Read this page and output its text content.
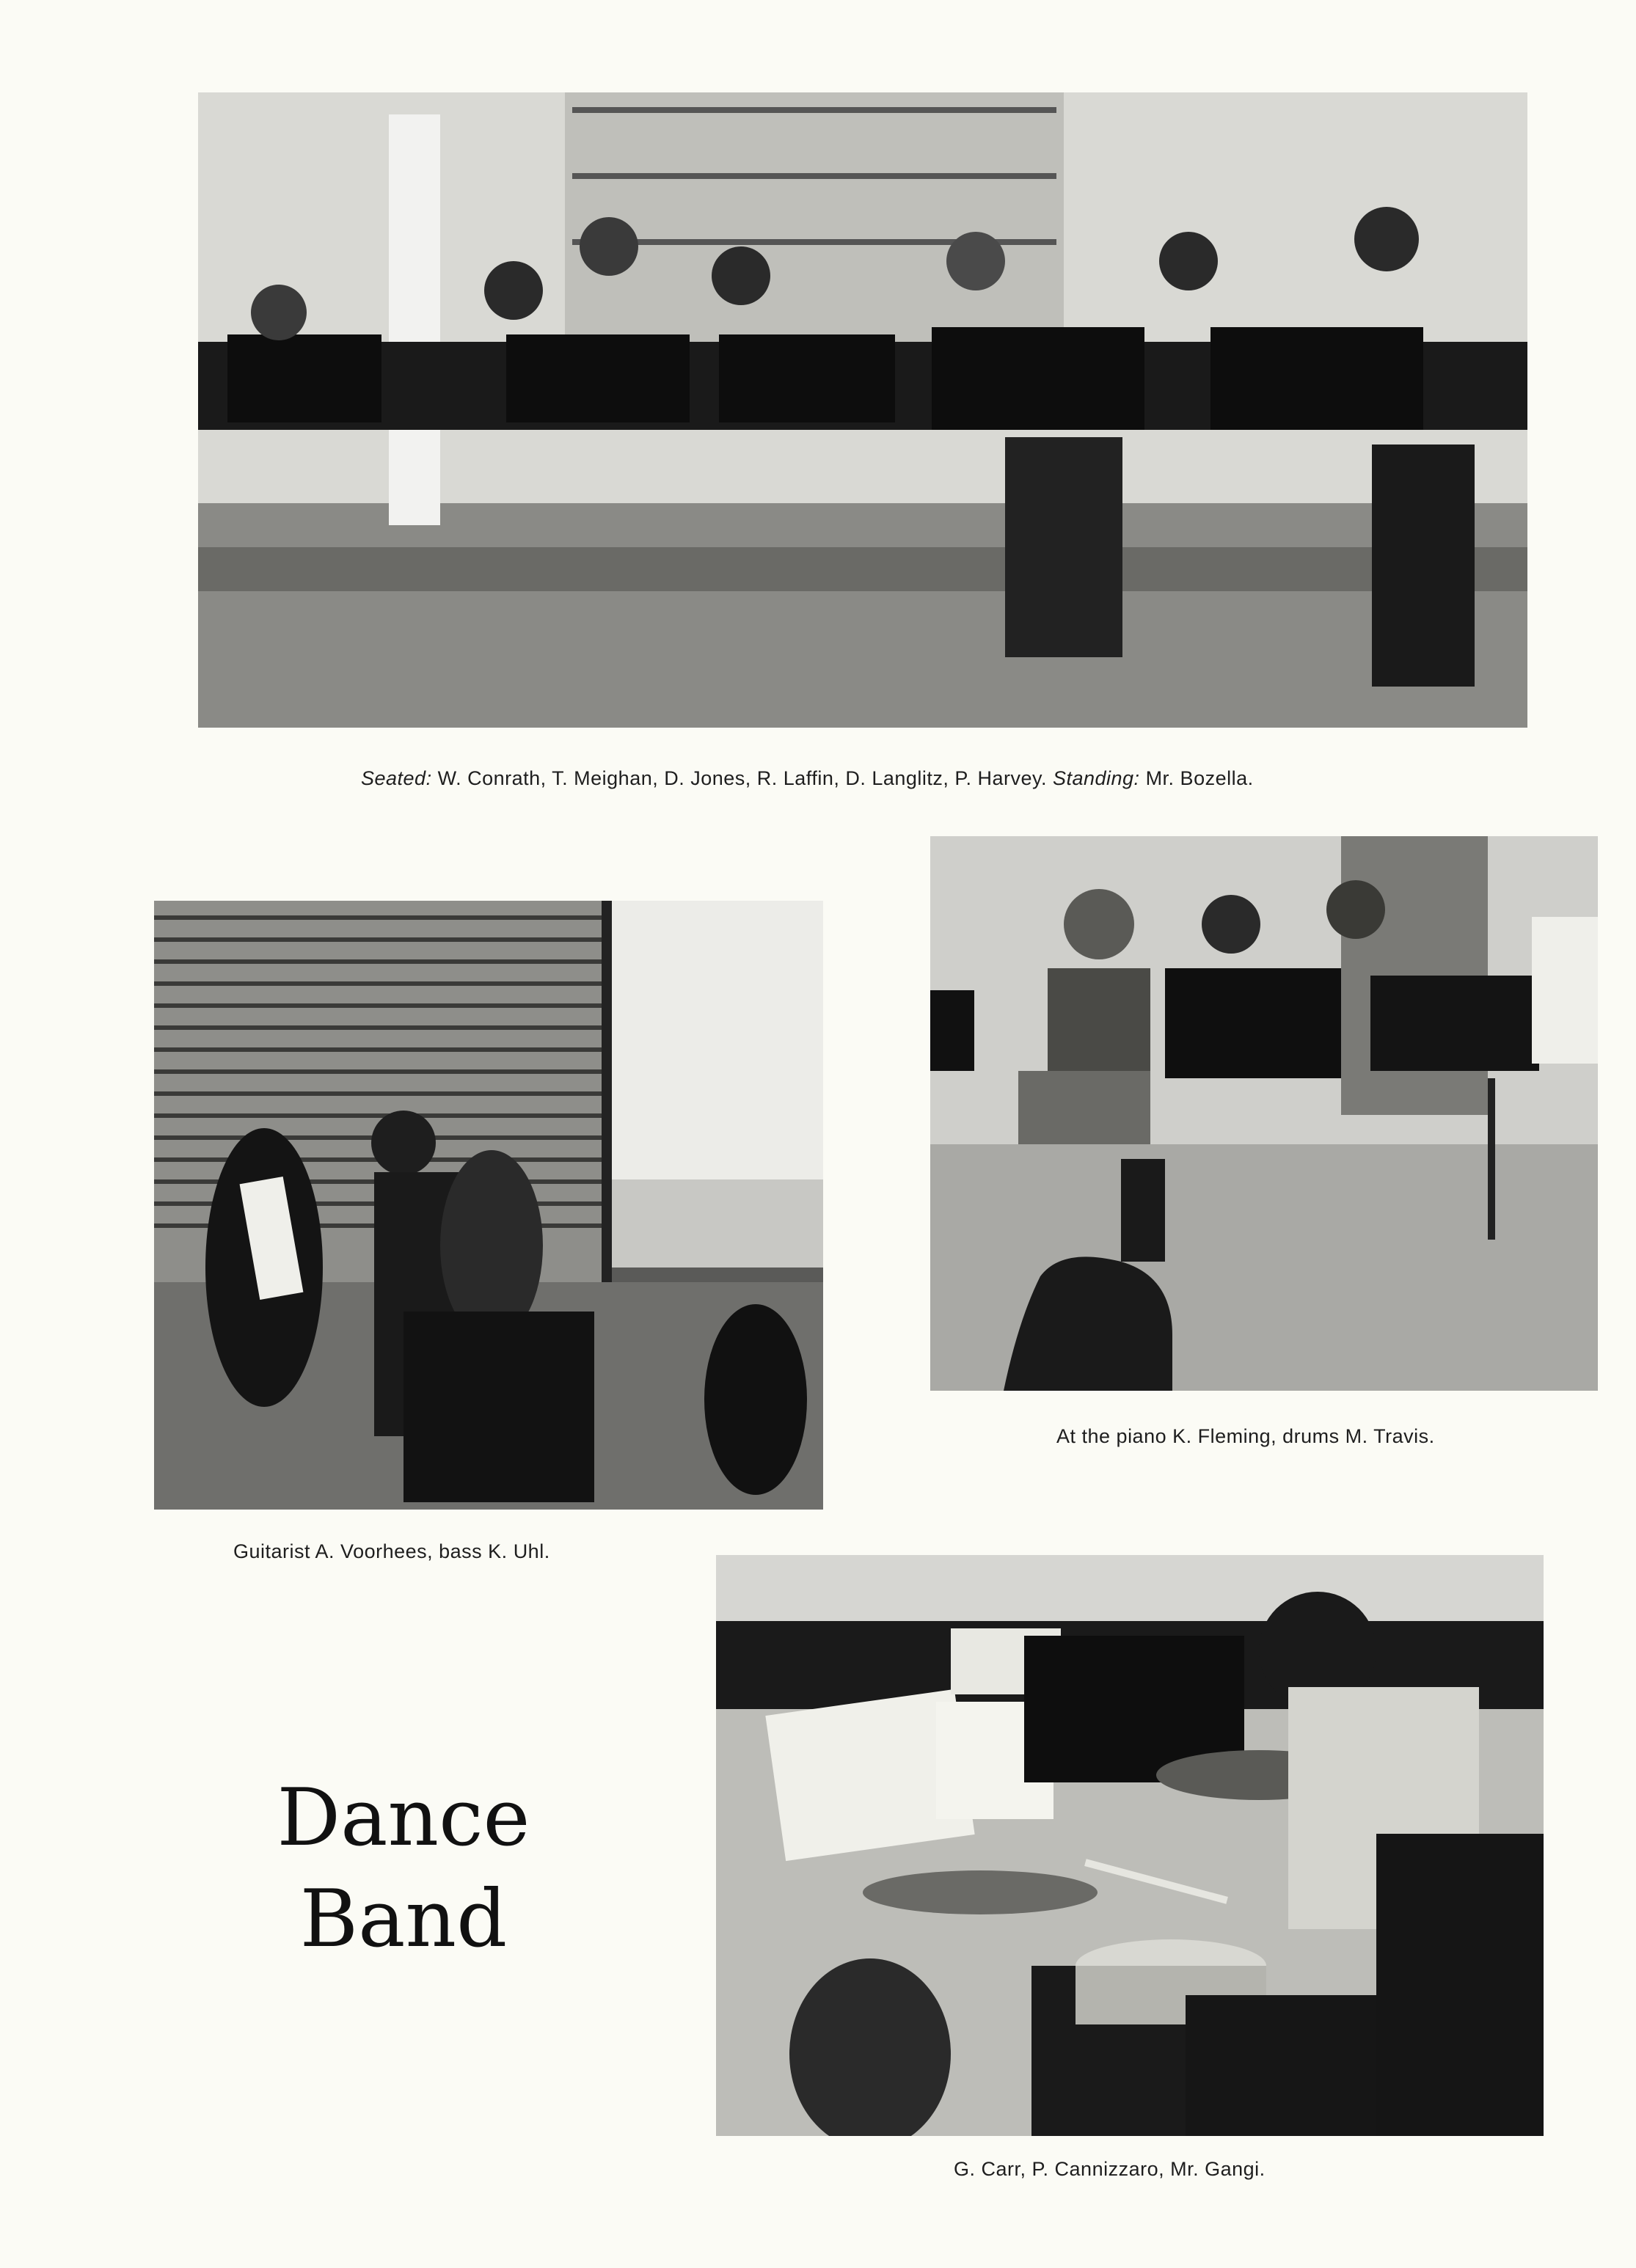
Seated: W. Conrath, T. Meighan, D. Jones, R. Laffin, D. Langlitz, P. Harvey. Standing: Mr. Bozella.
Guitarist A. Voorhees, bass K. Uhl.
At the piano K. Fleming, drums M. Travis.
G. Carr, P. Cannizzaro, Mr. Gangi.
Dance
Band
